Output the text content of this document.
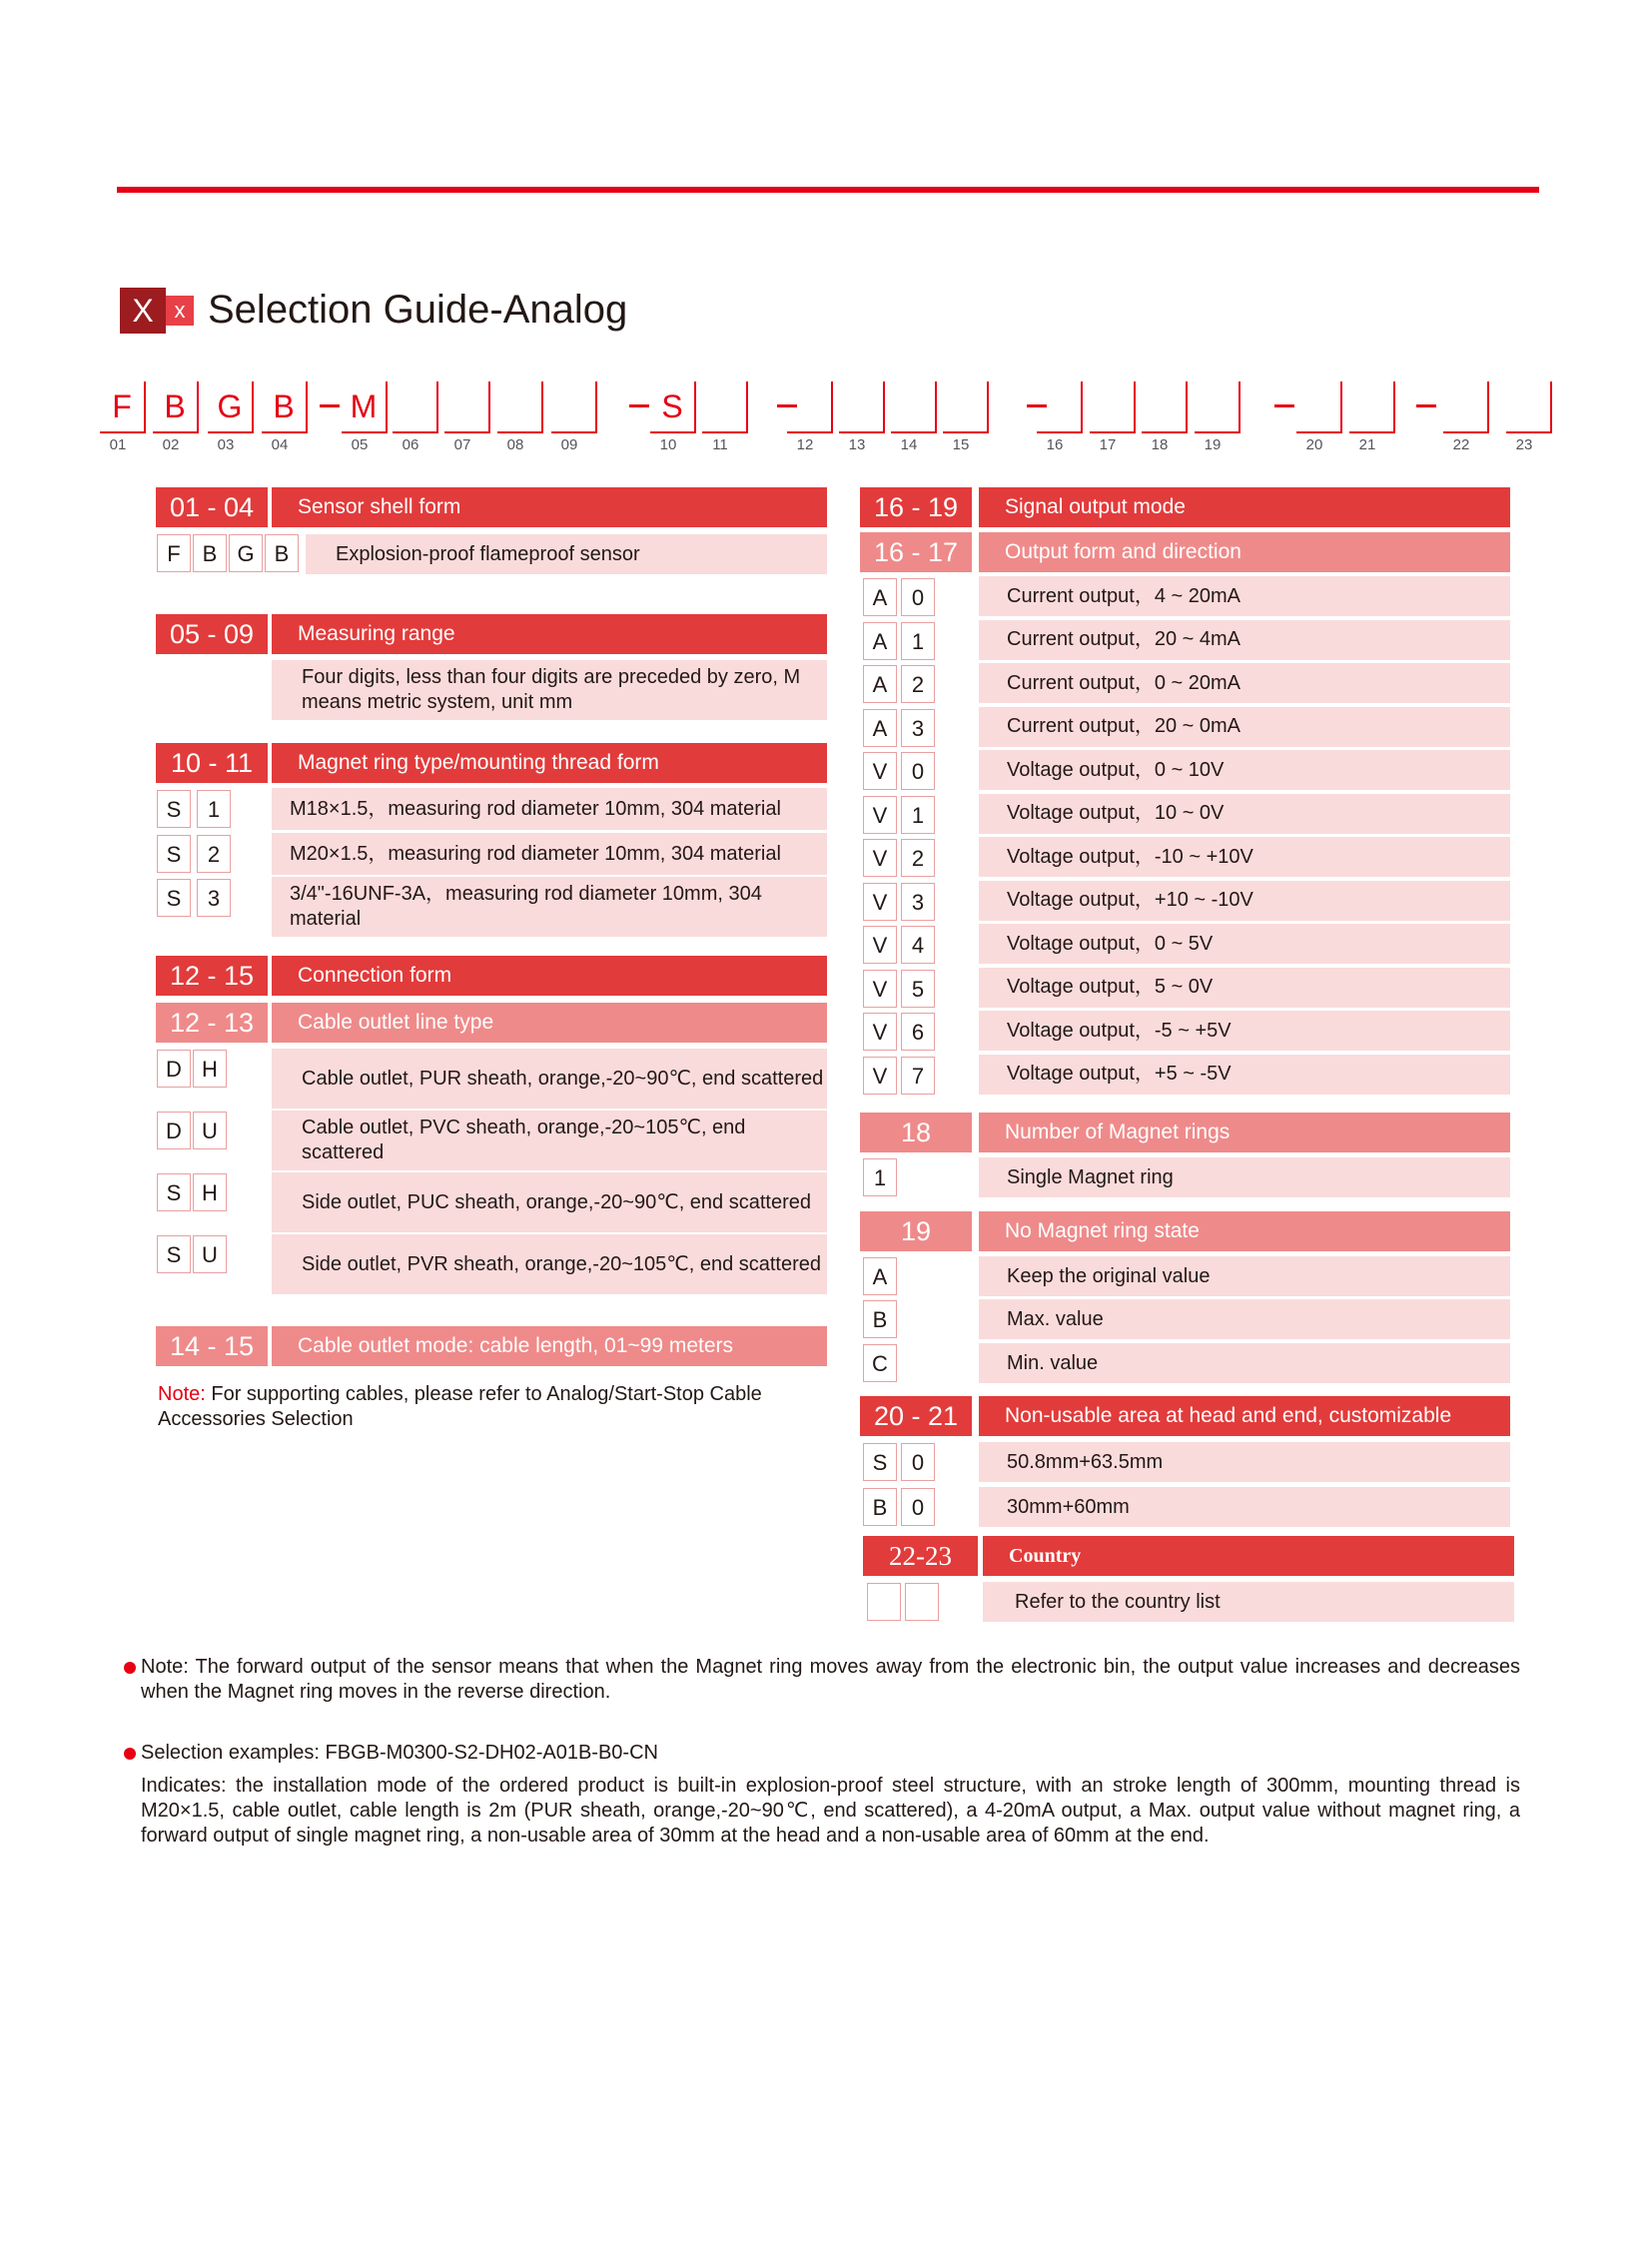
X x Selection Guide-Analog
F
01
B
02
G
03
B
04
M
05	06	07	08	09
S
10	11	12	13	14	15	16	17	18	19	20	21	22	23
01 - 04	Sensor shell form
F B G B	Explosion-proof flameproof sensor
05 - 09	Measuring range
Four digits, less than four digits are preceded by zero, M means metric system, unit mm
10 - 11	Magnet ring type/mounting thread form
S	1	M18×1.5，measuring rod diameter 10mm, 304 material
S	2	M20×1.5，measuring rod diameter 10mm, 304 material
S	3	3/4"-16UNF-3A，measuring rod diameter 10mm, 304 material
12 - 15	Connection form
12 - 13	Cable outlet line type
D H	Cable outlet, PUR sheath, orange,-20~90℃, end scattered
D U	Cable outlet, PVC sheath, orange,-20~105℃, end scattered
S H	Side outlet, PUC sheath, orange,-20~90℃, end scattered
S U	Side outlet, PVR sheath, orange,-20~105℃, end scattered
14 - 15	Cable outlet mode: cable length, 01~99 meters
Note: For supporting cables, please refer to Analog/Start-Stop Cable Accessories Selection
16 - 19	Signal output mode
16 - 17	Output form and direction
A	0	Current output，4 ~ 20mA
A	1	Current output，20 ~ 4mA
A	2	Current output，0 ~ 20mA
A	3	Current output，20 ~ 0mA
V	0	Voltage output，0 ~ 10V
V	1	Voltage output，10 ~ 0V
V	2	Voltage output，-10 ~ +10V
V	3	Voltage output，+10 ~ -10V
V	4	Voltage output，0 ~ 5V
V	5	Voltage output，5 ~ 0V
V	6	Voltage output，-5 ~ +5V
V	7	Voltage output，+5 ~ -5V
18	Number of Magnet rings
1	Single Magnet ring
19	No Magnet ring state
A	Keep the original value
B	Max. value
C	Min. value
20 - 21	Non-usable area at head and end, customizable
S	0	50.8mm+63.5mm
B	0	30mm+60mm
22-23	Country
Refer to the country list
Note: The forward output of the sensor means that when the Magnet ring moves away from the electronic bin, the output value increases and decreases when the Magnet ring moves in the reverse direction.
Selection examples: FBGB-M0300-S2-DH02-A01B-B0-CN
Indicates: the installation mode of the ordered product is built-in explosion-proof steel structure, with an stroke length of 300mm, mounting thread is M20×1.5, cable outlet, cable length is 2m (PUR sheath, orange,-20~90℃, end scattered), a 4-20mA output, a Max. output value without magnet ring, a forward output of single magnet ring, a non-usable area of 30mm at the head and a non-usable area of 60mm at the end.
